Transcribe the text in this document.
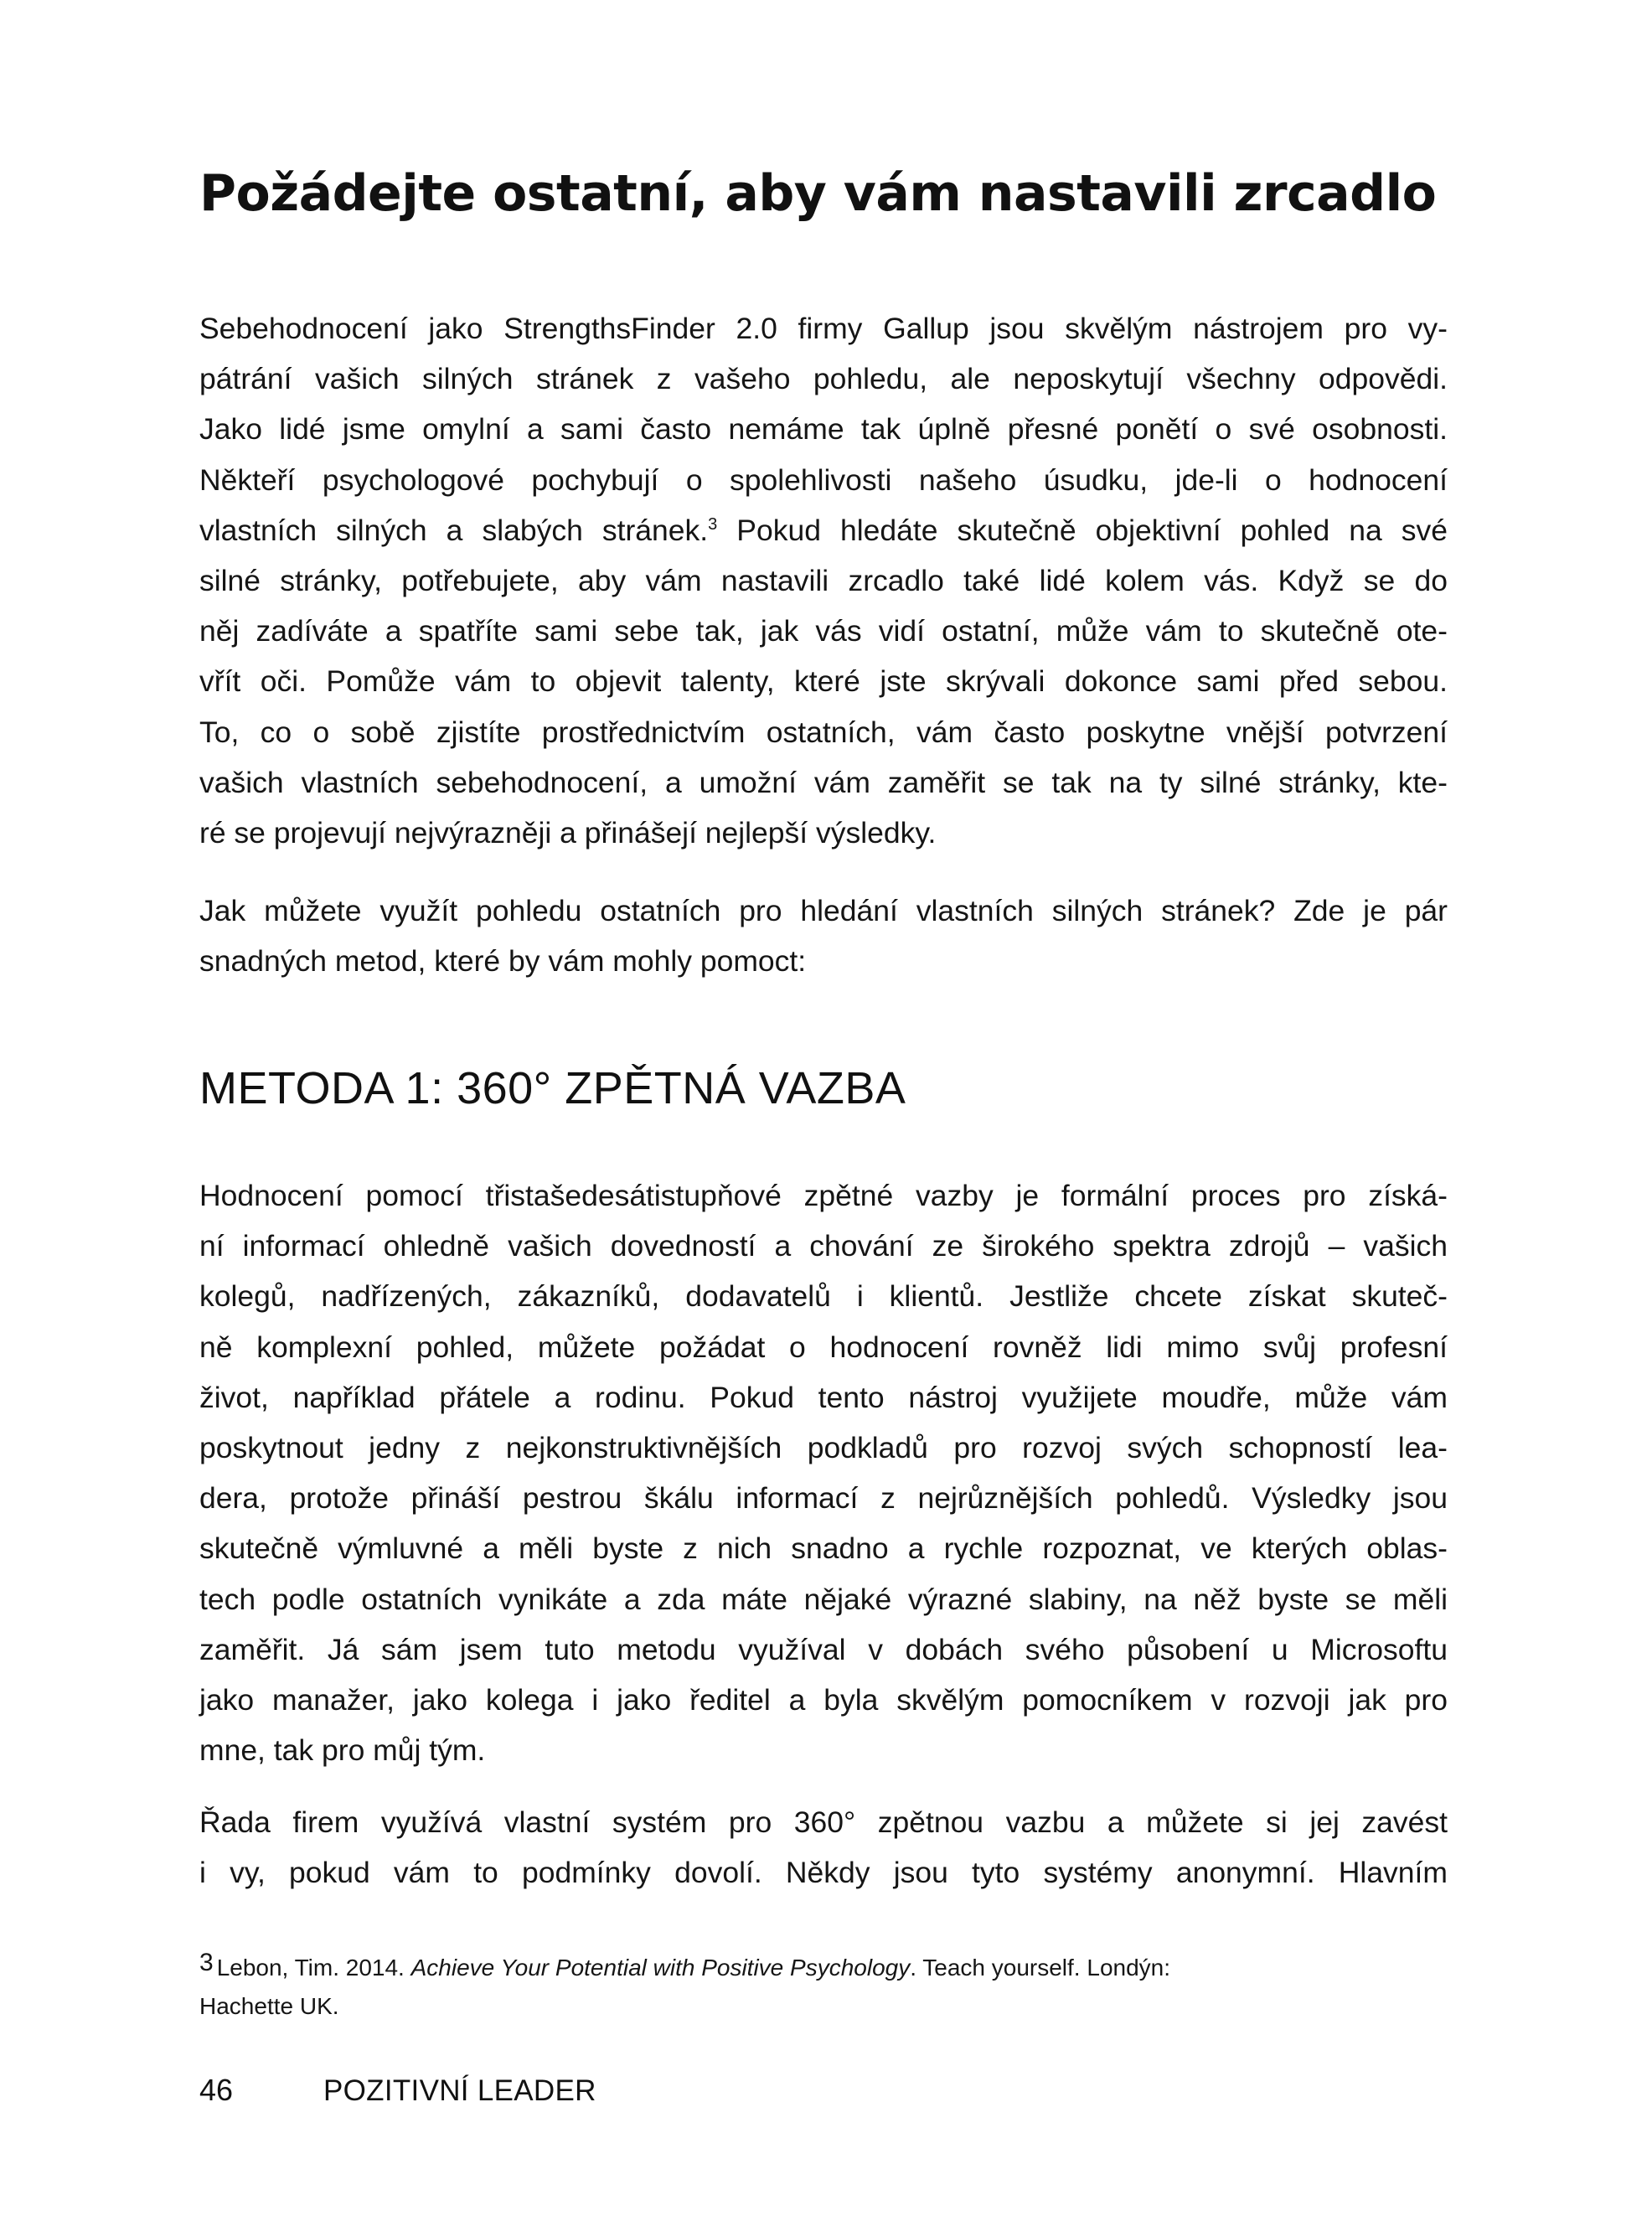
Požádejte ostatní, aby vám nastavili zrcadlo

Sebehodnocení jako StrengthsFinder 2.0 firmy Gallup jsou skvělým nástrojem pro vy-
pátrání vašich silných stránek z vašeho pohledu, ale neposkytují všechny odpovědi.
Jako lidé jsme omylní a sami často nemáme tak úplně přesné ponětí o své osobnosti.
Někteří psychologové pochybují o spolehlivosti našeho úsudku, jde-li o hodnocení
vlastních silných a slabých stránek.$^3$ Pokud hledáte skutečně objektivní pohled na své
silné stránky, potřebujete, aby vám nastavili zrcadlo také lidé kolem vás. Když se do
něj zadíváte a spatříte sami sebe tak, jak vás vidí ostatní, může vám to skutečně ote-
vřít oči. Pomůže vám to objevit talenty, které jste skrývali dokonce sami před sebou.
To, co o sobě zjistíte prostřednictvím ostatních, vám často poskytne vnější potvrzení
vašich vlastních sebehodnocení, a umožní vám zaměřit se tak na ty silné stránky, kte-
ré se projevují nejvýrazněji a přinášejí nejlepší výsledky.

Jak můžete využít pohledu ostatních pro hledání vlastních silných stránek? Zde je pár
snadných metod, které by vám mohly pomoct:

METODA 1: 360° ZPĚTNÁ VAZBA

Hodnocení pomocí třistašedesátistupňové zpětné vazby je formální proces pro získá-
ní informací ohledně vašich dovedností a chování ze širokého spektra zdrojů – vašich
kolegů, nadřízených, zákazníků, dodavatelů i klientů. Jestliže chcete získat skuteč-
ně komplexní pohled, můžete požádat o hodnocení rovněž lidi mimo svůj profesní
život, například přátele a rodinu. Pokud tento nástroj využijete moudře, může vám
poskytnout jedny z nejkonstruktivnějších podkladů pro rozvoj svých schopností lea-
dera, protože přináší pestrou škálu informací z nejrůznějších pohledů. Výsledky jsou
skutečně výmluvné a měli byste z nich snadno a rychle rozpoznat, ve kterých oblas-
tech podle ostatních vynikáte a zda máte nějaké výrazné slabiny, na něž byste se měli
zaměřit. Já sám jsem tuto metodu využíval v dobách svého působení u Microsoftu
jako manažer, jako kolega i jako ředitel a byla skvělým pomocníkem v rozvoji jak pro
mne, tak pro můj tým.

Řada firem využívá vlastní systém pro 360° zpětnou vazbu a můžete si jej zavést
i vy, pokud vám to podmínky dovolí. Někdy jsou tyto systémy anonymní. Hlavním

3 Lebon, Tim. 2014. Achieve Your Potential with Positive Psychology. Teach yourself. Londýn:
Hachette UK.
46	POZITIVNÍ LEADER
